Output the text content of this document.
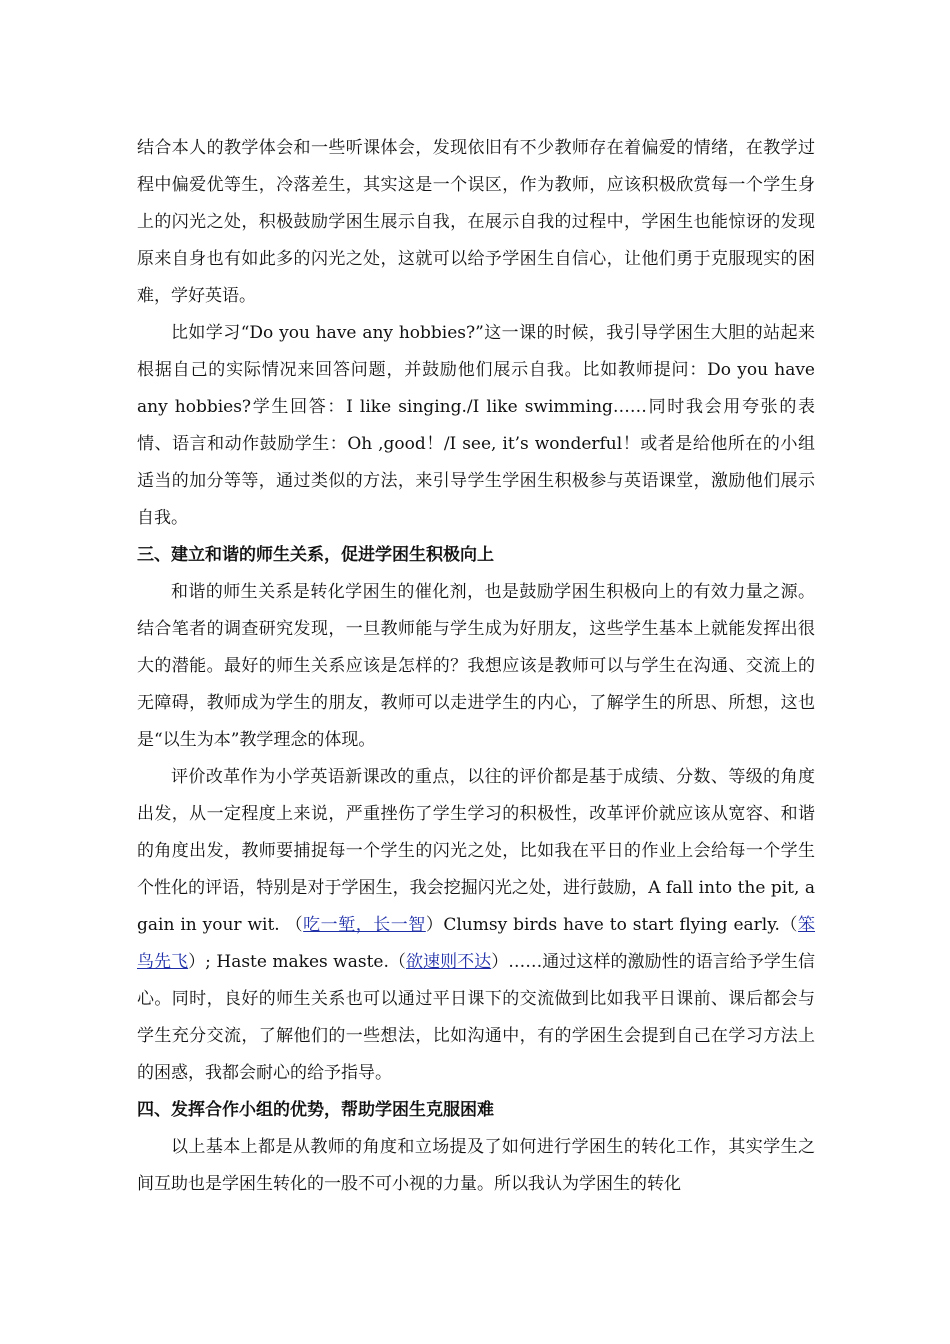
结合本人的教学体会和一些听课体会，发现依旧有不少教师存在着偏爱的情绪，在教学过程中偏爱优等生，冷落差生，其实这是一个误区，作为教师，应该积极欣赏每一个学生身上的闪光之处，积极鼓励学困生展示自我，在展示自我的过程中，学困生也能惊讶的发现原来自身也有如此多的闪光之处，这就可以给予学困生自信心，让他们勇于克服现实的困难，学好英语。

比如学习“Do you have any hobbies?”这一课的时候，我引导学困生大胆的站起来根据自己的实际情况来回答问题，并鼓励他们展示自我。比如教师提问：Do you have any hobbies?学生回答：I like singing./I like swimming……同时我会用夸张的表情、语言和动作鼓励学生：Oh ,good！/I see, it’s wonderful！或者是给他所在的小组适当的加分等等，通过类似的方法，来引导学生学困生积极参与英语课堂，激励他们展示自我。

三、建立和谐的师生关系，促进学困生积极向上

和谐的师生关系是转化学困生的催化剂，也是鼓励学困生积极向上的有效力量之源。结合笔者的调查研究发现，一旦教师能与学生成为好朋友，这些学生基本上就能发挥出很大的潜能。最好的师生关系应该是怎样的？我想应该是教师可以与学生在沟通、交流上的无障碍，教师成为学生的朋友，教师可以走进学生的内心，了解学生的所思、所想，这也是“以生为本”教学理念的体现。

评价改革作为小学英语新课改的重点，以往的评价都是基于成绩、分数、等级的角度出发，从一定程度上来说，严重挫伤了学生学习的积极性，改革评价就应该从宽容、和谐的角度出发，教师要捕捉每一个学生的闪光之处，比如我在平日的作业上会给每一个学生个性化的评语，特别是对于学困生，我会挖掘闪光之处，进行鼓励，A fall into the pit, a gain in your wit. （吃一堑，长一智）Clumsy birds have to start flying early.（笨鸟先飞）; Haste makes waste.（欲速则不达）……通过这样的激励性的语言给予学生信心。同时，良好的师生关系也可以通过平日课下的交流做到比如我平日课前、课后都会与学生充分交流，了解他们的一些想法，比如沟通中，有的学困生会提到自己在学习方法上的困惑，我都会耐心的给予指导。

四、发挥合作小组的优势，帮助学困生克服困难

以上基本上都是从教师的角度和立场提及了如何进行学困生的转化工作，其实学生之间互助也是学困生转化的一股不可小视的力量。所以我认为学困生的转化
